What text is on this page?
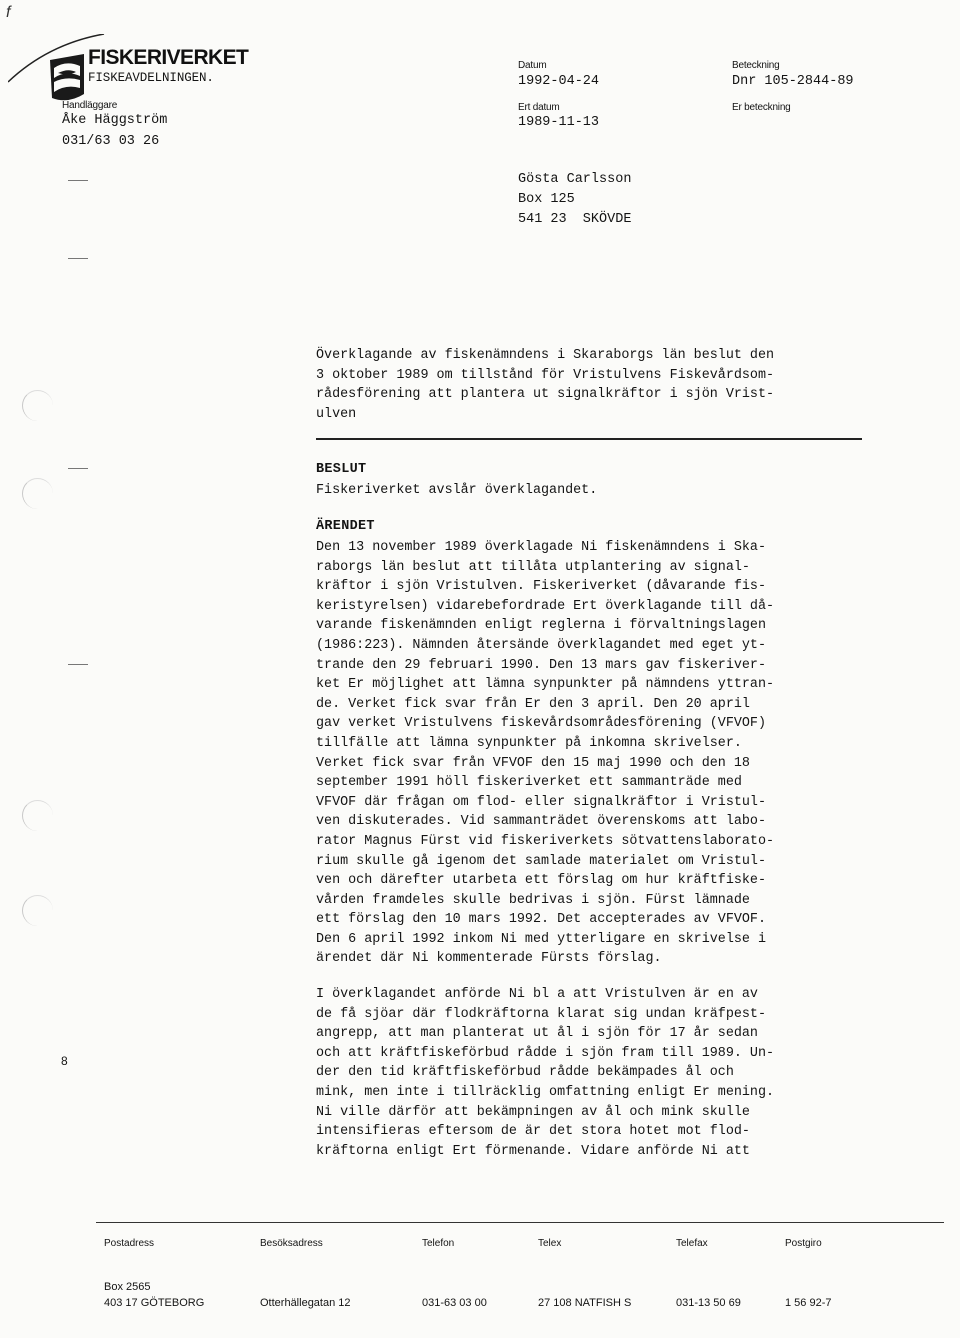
f
FISKERIVERKET
FISKEAVDELNINGEN.
Handläggare
Åke Häggström
031/63 03 26
Datum
1992-04-24
Ert datum
1989-11-13
Beteckning
Dnr 105-2844-89
Er beteckning
Gösta Carlsson
Box 125
541 23  SKÖVDE
Överklagande av fiskenämndens i Skaraborgs län beslut den
3 oktober 1989 om tillstånd för Vristulvens Fiskevårdsom-
rådesförening att plantera ut signalkräftor i sjön Vrist-
ulven
BESLUT
Fiskeriverket avslår överklagandet.
ÄRENDET
Den 13 november 1989 överklagade Ni fiskenämndens i Ska-
raborgs län beslut att tillåta utplantering av signal-
kräftor i sjön Vristulven. Fiskeriverket (dåvarande fis-
keristyrelsen) vidarebefordrade Ert överklagande till då-
varande fiskenämnden enligt reglerna i förvaltningslagen
(1986:223). Nämnden återsände överklagandet med eget yt-
trande den 29 februari 1990. Den 13 mars gav fiskeriver-
ket Er möjlighet att lämna synpunkter på nämndens yttran-
de. Verket fick svar från Er den 3 april. Den 20 april
gav verket Vristulvens fiskevårdsområdesförening (VFVOF)
tillfälle att lämna synpunkter på inkomna skrivelser.
Verket fick svar från VFVOF den 15 maj 1990 och den 18
september 1991 höll fiskeriverket ett sammanträde med
VFVOF där frågan om flod- eller signalkräftor i Vristul-
ven diskuterades. Vid sammanträdet överenskoms att labo-
rator Magnus Fürst vid fiskeriverkets sötvattenslaborato-
rium skulle gå igenom det samlade materialet om Vristul-
ven och därefter utarbeta ett förslag om hur kräftfiske-
vården framdeles skulle bedrivas i sjön. Fürst lämnade
ett förslag den 10 mars 1992. Det accepterades av VFVOF.
Den 6 april 1992 inkom Ni med ytterligare en skrivelse i
ärendet där Ni kommenterade Fürsts förslag.
I överklagandet anförde Ni bl a att Vristulven är en av
de få sjöar där flodkräftorna klarat sig undan kräfpest-
angrepp, att man planterat ut ål i sjön för 17 år sedan
och att kräftfiskeförbud rådde i sjön fram till 1989. Un-
der den tid kräftfiskeförbud rådde bekämpades ål och
mink, men inte i tillräcklig omfattning enligt Er mening.
Ni ville därför att bekämpningen av ål och mink skulle
intensifieras eftersom de är det stora hotet mot flod-
kräftorna enligt Ert förmenande. Vidare anförde Ni att
8
Postadress	Besöksadress	Telefon	Telex	Telefax	Postgiro
Box 2565
403 17 GÖTEBORG	Otterhällegatan 12	031-63 03 00	27 108 NATFISH S	031-13 50 69	1 56 92-7
